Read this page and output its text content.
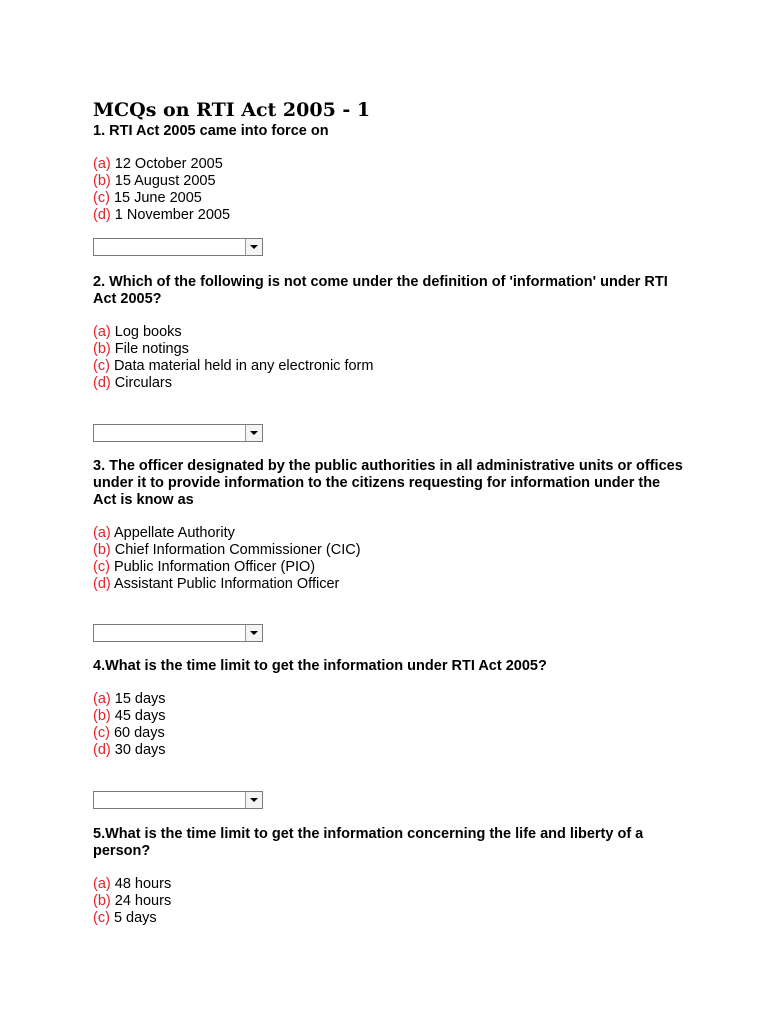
MCQs on RTI Act 2005 - 1
1. RTI Act 2005 came into force on
(a) 12 October 2005
(b) 15 August 2005
(c) 15 June 2005
(d) 1 November 2005
2. Which of the following is not come under the definition of 'information' under RTI Act 2005?
(a) Log books
(b) File notings
(c) Data material held in any electronic form
(d) Circulars
3. The officer designated by the public authorities in all administrative units or offices under it to provide information to the citizens requesting for information under the Act is know as
(a) Appellate Authority
(b) Chief Information Commissioner (CIC)
(c) Public Information Officer (PIO)
(d) Assistant Public Information Officer
4.What is the time limit to get the information under RTI Act 2005?
(a) 15 days
(b) 45 days
(c) 60 days
(d) 30 days
5.What is the time limit to get the information concerning the life and liberty of a person?
(a) 48 hours
(b) 24 hours
(c) 5 days
